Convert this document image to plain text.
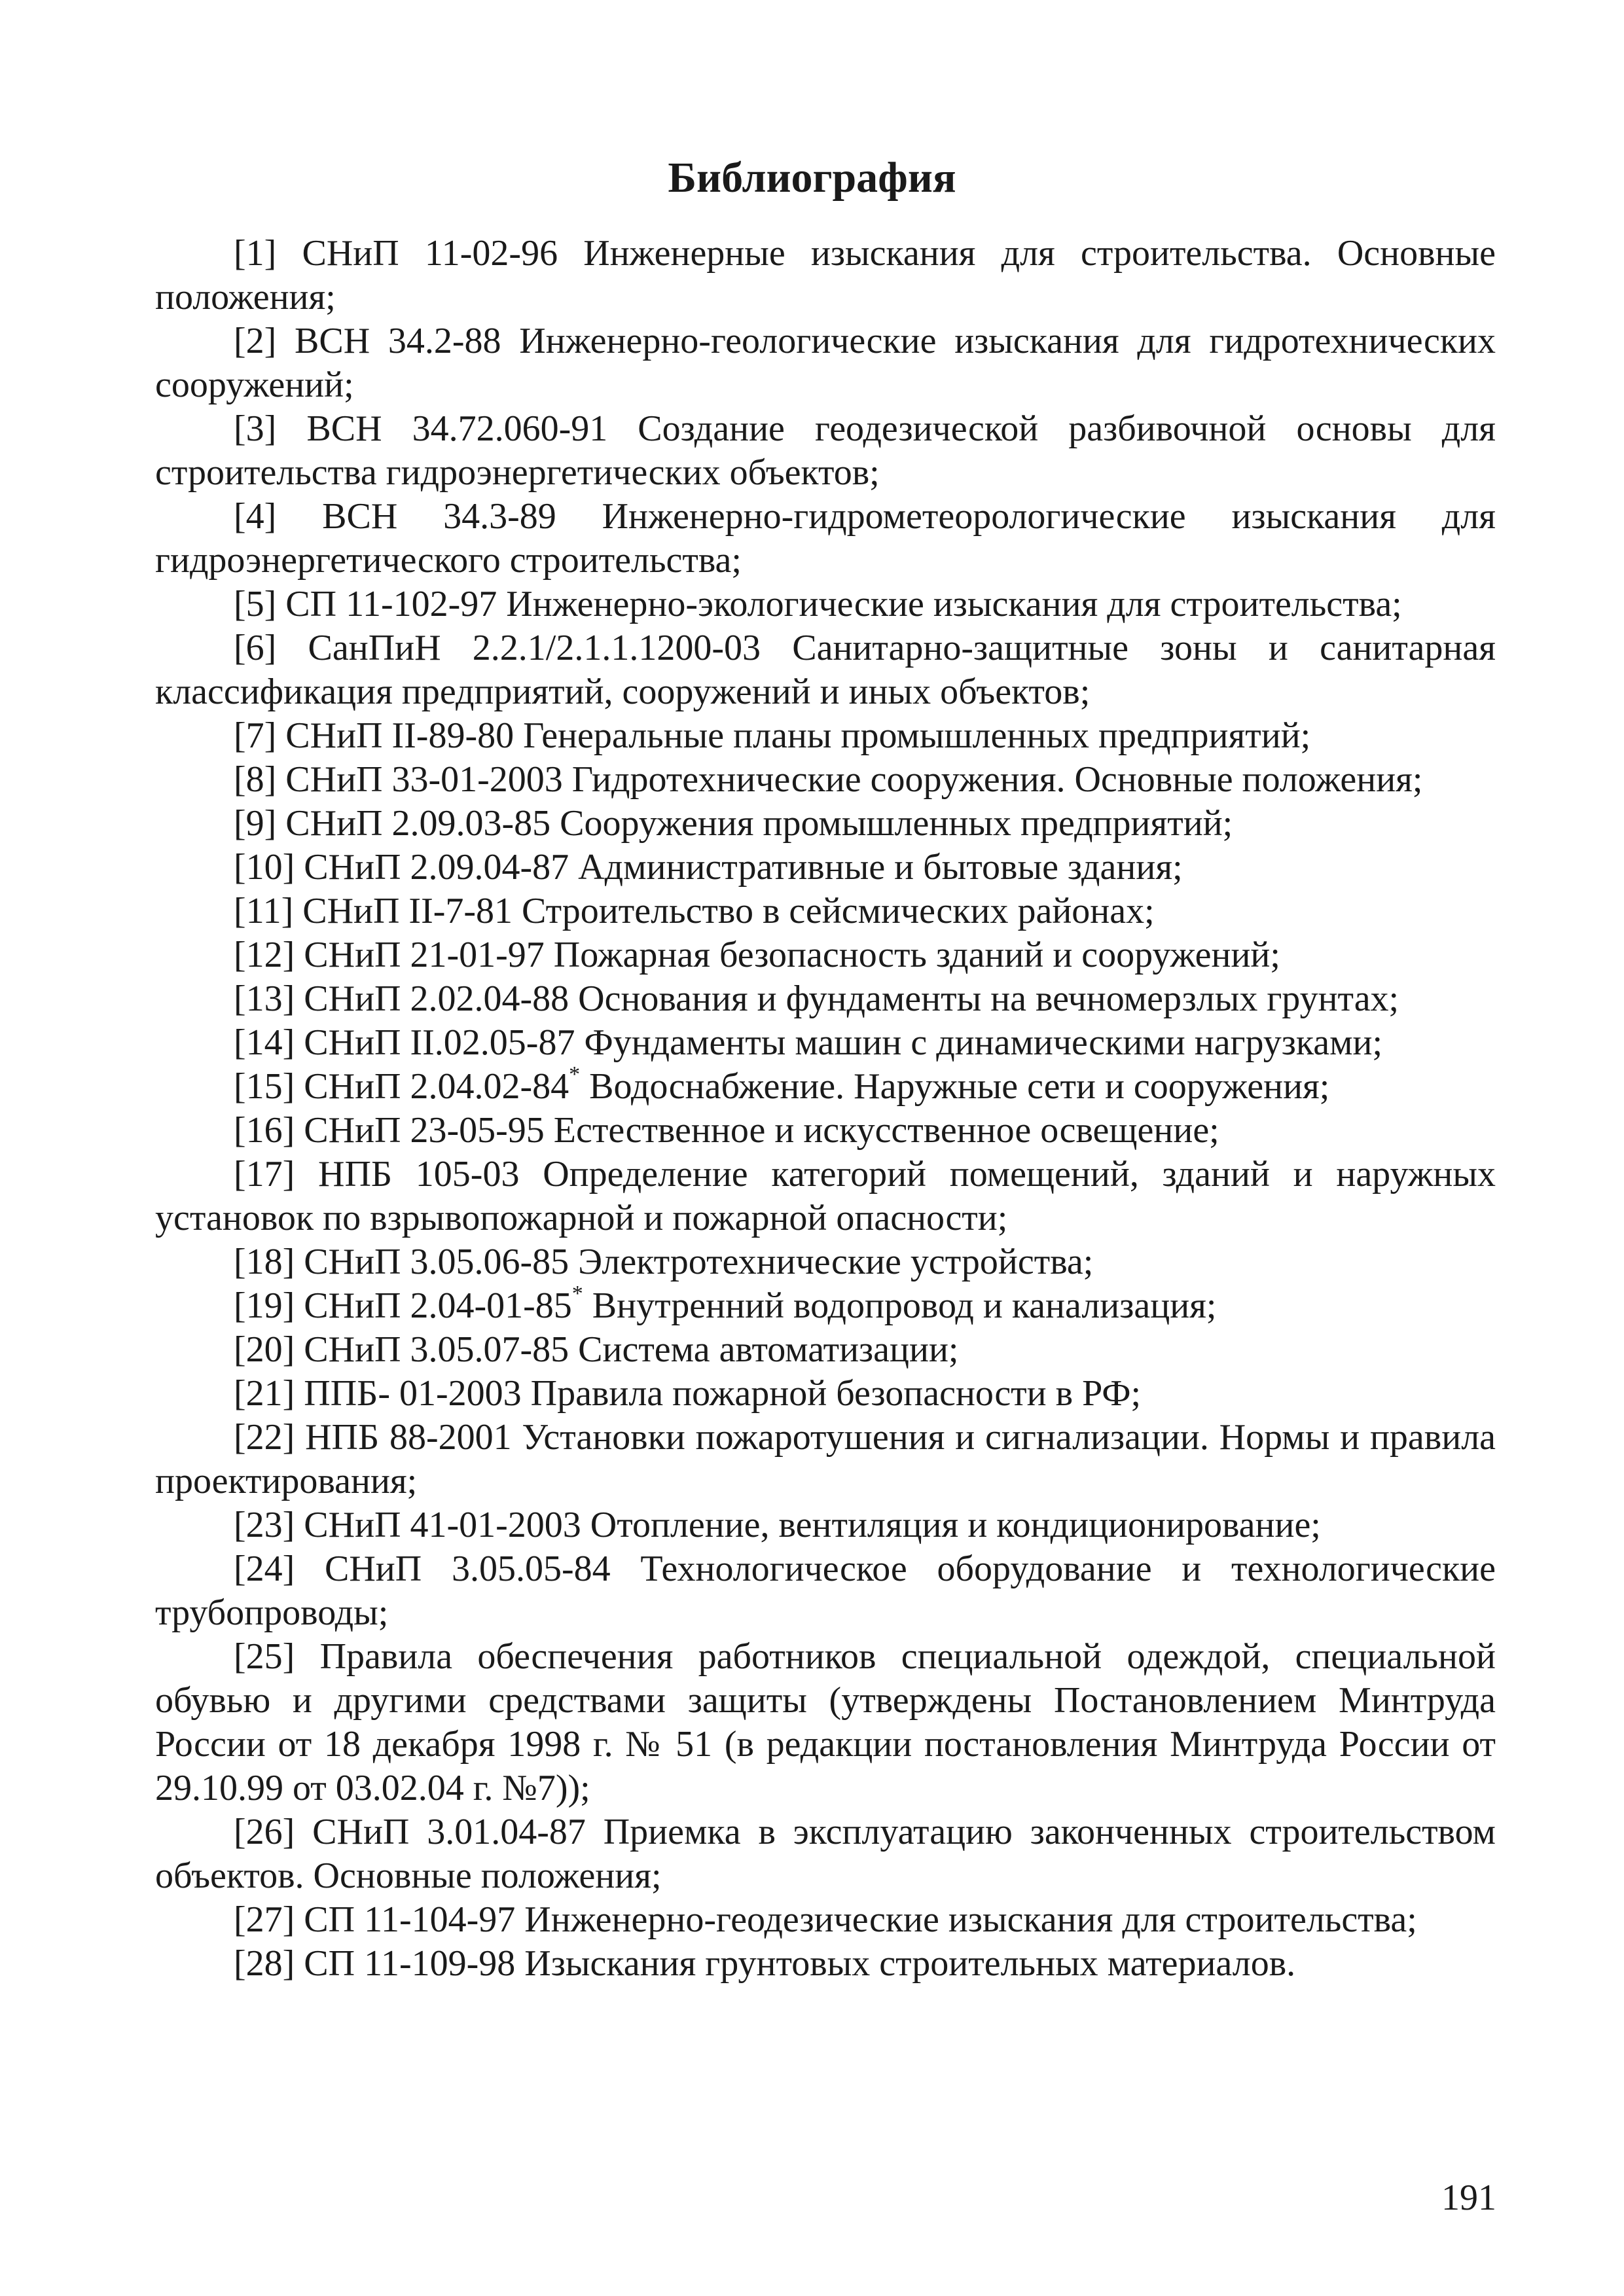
Библиография

[1] СНиП 11-02-96 Инженерные изыскания для строительства. Основные положения;

[2] ВСН 34.2-88 Инженерно-геологические изыскания для гидротехнических сооружений;

[3] ВСН 34.72.060-91 Создание геодезической разбивочной основы для строительства гидроэнергетических объектов;

[4] ВСН 34.3-89 Инженерно-гидрометеорологические изыскания для гидроэнергетического строительства;

[5] СП 11-102-97 Инженерно-экологические изыскания для строительства;

[6] СанПиН 2.2.1/2.1.1.1200-03 Санитарно-защитные зоны и санитарная классификация предприятий, сооружений и иных объектов;

[7] СНиП II-89-80 Генеральные планы промышленных предприятий;

[8] СНиП 33-01-2003 Гидротехнические сооружения. Основные положения;

[9] СНиП 2.09.03-85 Сооружения промышленных предприятий;

[10] СНиП 2.09.04-87 Административные и бытовые здания;

[11] СНиП II-7-81 Строительство в сейсмических районах;

[12] СНиП 21-01-97 Пожарная безопасность зданий и сооружений;

[13] СНиП 2.02.04-88 Основания и фундаменты на вечномерзлых грунтах;

[14] СНиП II.02.05-87 Фундаменты машин с динамическими нагрузками;

[15] СНиП 2.04.02-84* Водоснабжение. Наружные сети и сооружения;

[16] СНиП 23-05-95 Естественное и искусственное освещение;

[17] НПБ 105-03 Определение категорий помещений, зданий и наружных установок по взрывопожарной и пожарной опасности;

[18] СНиП 3.05.06-85 Электротехнические устройства;

[19] СНиП 2.04-01-85* Внутренний водопровод и канализация;

[20] СНиП 3.05.07-85 Система автоматизации;

[21] ППБ- 01-2003 Правила пожарной безопасности в РФ;

[22] НПБ 88-2001 Установки пожаротушения и сигнализации. Нормы и правила проектирования;

[23] СНиП 41-01-2003 Отопление, вентиляция и кондиционирование;

[24] СНиП 3.05.05-84 Технологическое оборудование и технологические трубопроводы;

[25] Правила обеспечения работников специальной одеждой, специальной обувью и другими средствами защиты (утверждены Постановлением Минтруда России от 18 декабря 1998 г. № 51 (в редакции постановления Минтруда России от 29.10.99 от 03.02.04 г. №7));

[26] СНиП 3.01.04-87 Приемка в эксплуатацию законченных строительством объектов. Основные положения;

[27] СП 11-104-97 Инженерно-геодезические изыскания для строительства;

[28] СП 11-109-98 Изыскания грунтовых строительных материалов.

191
